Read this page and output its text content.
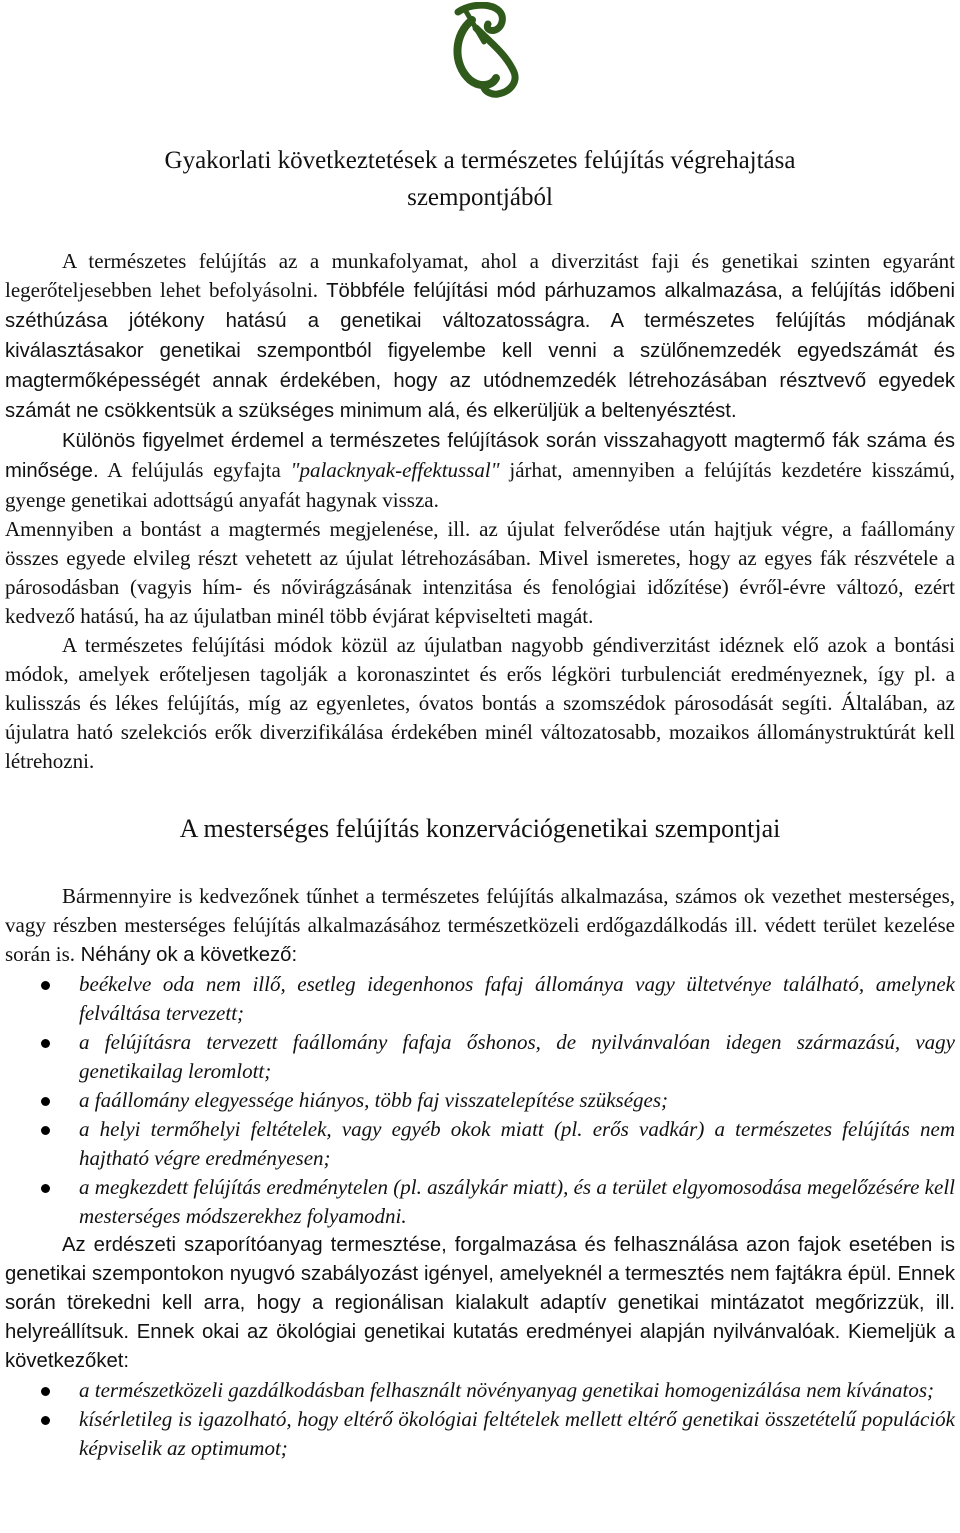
Gyakorlati következtetések a természetes felújítás végrehajtása
szempontjából

A természetes felújítás az a munkafolyamat, ahol a diverzitást faji és genetikai szinten egyaránt legerőteljesebben lehet befolyásolni. Többféle felújítási mód párhuzamos alkalmazása, a felújítás időbeni széthúzása jótékony hatású a genetikai változatosságra. A természetes felújítás módjának kiválasztásakor genetikai szempontból figyelembe kell venni a szülőnemzedék egyedszámát és magtermőképességét annak érdekében, hogy az utódnemzedék létrehozásában résztvevő egyedek számát ne csökkentsük a szükséges minimum alá, és elkerüljük a beltenyésztést.

Különös figyelmet érdemel a természetes felújítások során visszahagyott magtermő fák száma és minősége. A felújulás egyfajta "palacknyak-effektussal" járhat, amennyiben a felújítás kezdetére kisszámú, gyenge genetikai adottságú anyafát hagynak vissza.

Amennyiben a bontást a magtermés megjelenése, ill. az újulat felverődése után hajtjuk végre, a faállomány összes egyede elvileg részt vehetett az újulat létrehozásában. Mivel ismeretes, hogy az egyes fák részvétele a párosodásban (vagyis hím- és nővirágzásának intenzitása és fenológiai időzítése) évről-évre változó, ezért kedvező hatású, ha az újulatban minél több évjárat képviselteti magát.

A természetes felújítási módok közül az újulatban nagyobb géndiverzitást idéznek elő azok a bontási módok, amelyek erőteljesen tagolják a koronaszintet és erős légköri turbulenciát eredményeznek, így pl. a kulisszás és lékes felújítás, míg az egyenletes, óvatos bontás a szomszédok párosodását segíti. Általában, az újulatra ható szelekciós erők diverzifikálása érdekében minél változatosabb, mozaikos állománystruktúrát kell létrehozni.

A mesterséges felújítás konzervációgenetikai szempontjai

Bármennyire is kedvezőnek tűnhet a természetes felújítás alkalmazása, számos ok vezethet mesterséges, vagy részben mesterséges felújítás alkalmazásához természetközeli erdőgazdálkodás ill. védett terület kezelése során is. Néhány ok a következő:

beékelve oda nem illő, esetleg idegenhonos fafaj állománya vagy ültetvénye található, amelynek felváltása tervezett;
a felújításra tervezett faállomány fafaja őshonos, de nyilvánvalóan idegen származású, vagy genetikailag leromlott;
a faállomány elegyessége hiányos, több faj visszatelepítése szükséges;
a helyi termőhelyi feltételek, vagy egyéb okok miatt (pl. erős vadkár) a természetes felújítás nem hajtható végre eredményesen;
a megkezdett felújítás eredménytelen (pl. aszálykár miatt), és a terület elgyomosodása megelőzésére kell mesterséges módszerekhez folyamodni.

Az erdészeti szaporítóanyag termesztése, forgalmazása és felhasználása azon fajok esetében is genetikai szempontokon nyugvó szabályozást igényel, amelyeknél a termesztés nem fajtákra épül. Ennek során törekedni kell arra, hogy a regionálisan kialakult adaptív genetikai mintázatot megőrizzük, ill. helyreállítsuk. Ennek okai az ökológiai genetikai kutatás eredményei alapján nyilvánvalóak. Kiemeljük a következőket:

a természetközeli gazdálkodásban felhasznált növényanyag genetikai homogenizálása nem kívánatos;
kísérletileg is igazolható, hogy eltérő ökológiai feltételek mellett eltérő genetikai összetételű populációk képviselik az optimumot;
